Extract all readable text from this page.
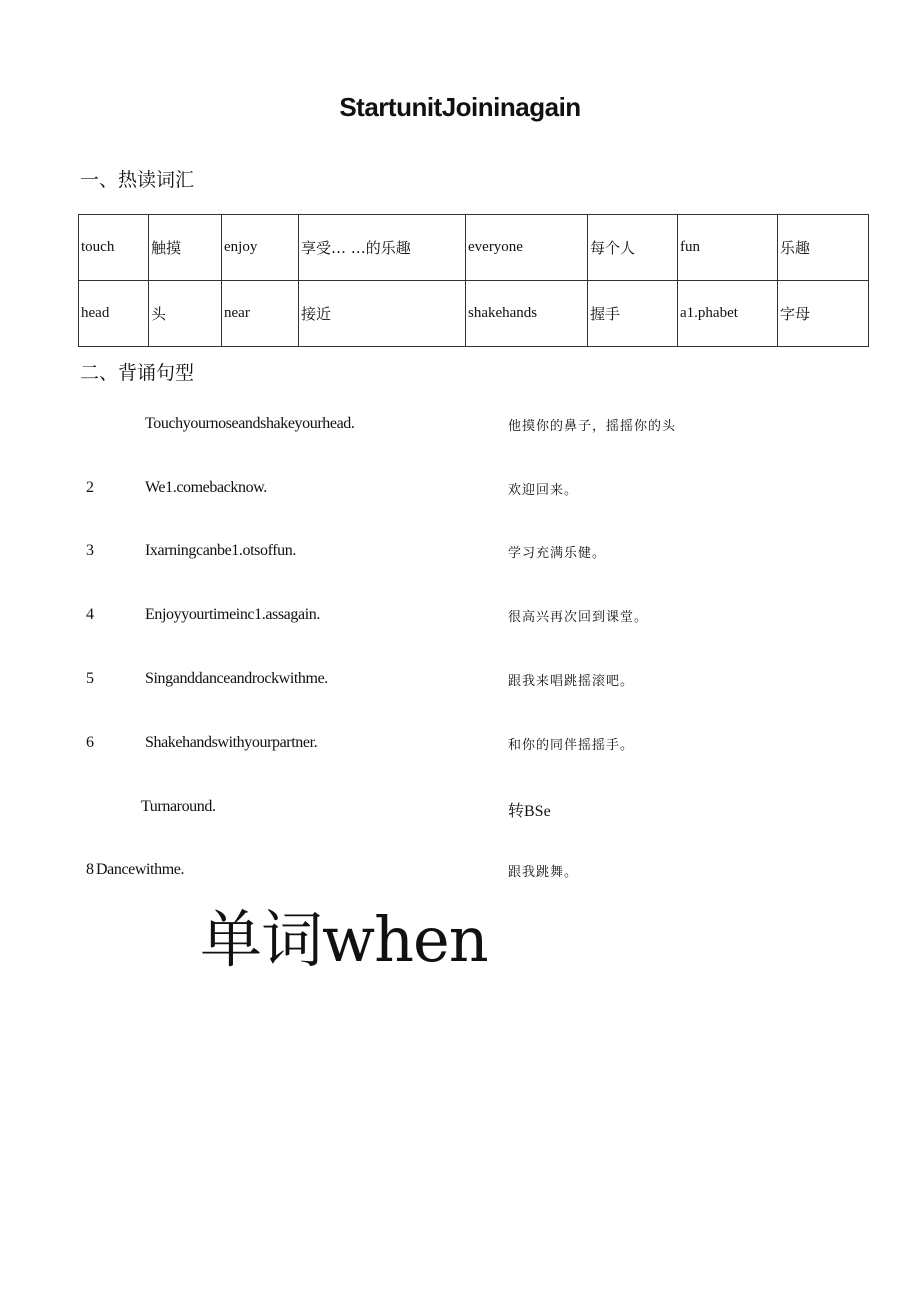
StartunitJoininagain
一、热读词汇
touch	触摸	enjoy	享受… …的乐趣	everyone	每个人	fun	乐趣
head	头	near	接近	shakehands	握手	a1.phabet	字母
二、背诵句型
Touchyournoseandshakeyourhead.	他摸你的鼻子，摇摇你的头
2	We1.comebacknow.	欢迎回来。
3	Ixarningcanbe1.otsoffun.	学习充满乐健。
4	Enjoyyourtimeinc1.assagain.	很高兴再次回到课堂。
5	Singanddanceandrockwithme.	跟我来唱跳摇滚吧。
6	Shakehandswithyourpartner.	和你的同伴摇摇手。
Turnaround.	转BSe
8 Dancewithme.	跟我跳舞。
单词when
